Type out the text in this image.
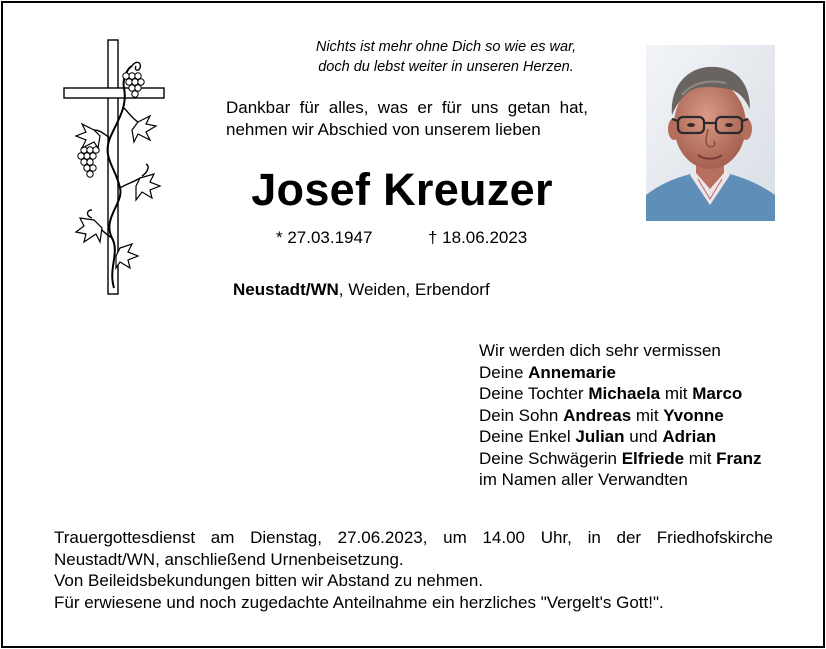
Nichts ist mehr ohne Dich so wie es war,
doch du lebst weiter in unseren Herzen.
Dankbar für alles, was er für uns getan hat,
nehmen wir Abschied von unserem lieben
Josef Kreuzer
* 27.03.1947	† 18.06.2023
Neustadt/WN, Weiden, Erbendorf
Wir werden dich sehr vermissen
Deine Annemarie
Deine Tochter Michaela mit Marco
Dein Sohn Andreas mit Yvonne
Deine Enkel Julian und Adrian
Deine Schwägerin Elfriede mit Franz
im Namen aller Verwandten
Trauergottesdienst am Dienstag, 27.06.2023, um 14.00 Uhr, in der Friedhofskirche
Neustadt/WN, anschließend Urnenbeisetzung.
Von Beileidsbekundungen bitten wir Abstand zu nehmen.
Für erwiesene und noch zugedachte Anteilnahme ein herzliches "Vergelt's Gott!".
